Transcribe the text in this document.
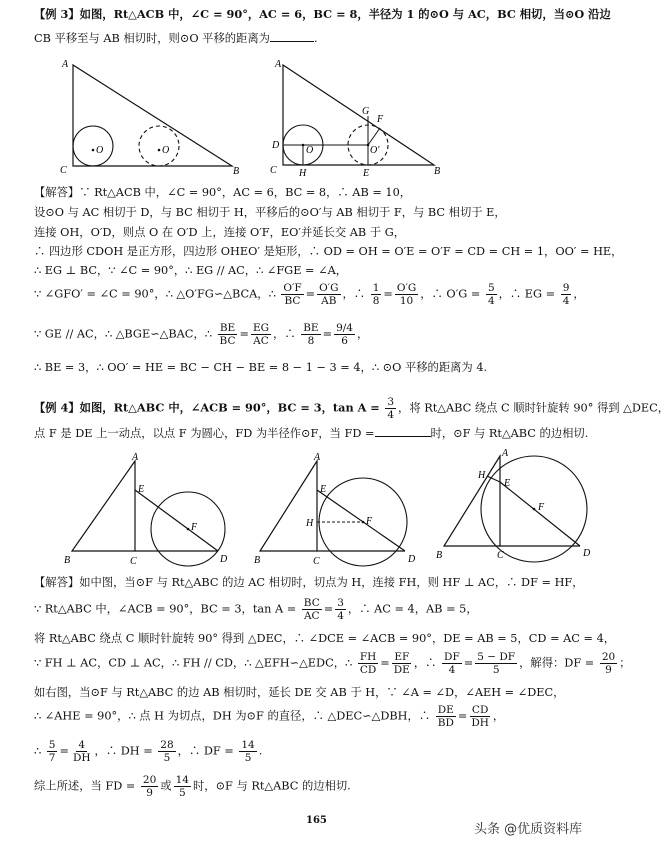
【例 3】如图，Rt△ACB 中，∠C = 90°，AC = 6，BC = 8，半径为 1 的⊙O 与 AC，BC 相切，当⊙O 沿边
CB 平移至与 AB 相切时，则⊙O 平移的距离为	.
A
C	B
O	O
A
D
C H	E	B
G
F
O	O′
【解答】∵ Rt△ACB 中，∠C = 90°，AC = 6，BC = 8，∴ AB = 10，
设⊙O 与 AC 相切于 D，与 BC 相切于 H，平移后的⊙O′与 AB 相切于 F，与 BC 相切于 E，
连接 OH，O′D，则点 O 在 O′D 上，连接 O′F，EO′并延长交 AB 于 G，
∴ 四边形 CDOH 是正方形，四边形 OHEO′ 是矩形，∴ OD = OH = O′E = O′F = CD = CH = 1，OO′ = HE，
∴ EG ⊥ BC，∵ ∠C = 90°，∴ EG // AC，∴ ∠FGE = ∠A，
∵ ∠GFO′ = ∠C = 90°，∴ △O′FG∽△BCA，∴ $\frac{O'F}{BC} = \frac{O'G}{AB}$ ，∴ $\frac{1}{8} = \frac{O'G}{10}$ ，∴ $O'G = \frac{5}{4}$ ，∴ EG = $\frac{9}{4}$ ，
∵ GE // AC，∴ △BGE∽△BAC，∴ $\frac{BE}{BC} = \frac{EG}{AC}$ ，∴ $\frac{BE}{8} = \frac{9/4}{6}$ ，
∴ BE = 3，∴ OO′ = HE = BC − CH − BE = 8 − 1 − 3 = 4，∴ ⊙O 平移的距离为 4.
【例 4】如图，Rt△ABC 中，∠ACB = 90°，BC = 3，$\tan A = \frac{3}{4}$ ，将 Rt△ABC 绕点 C 顺时针旋转 90° 得到 △DEC，
点 F 是 DE 上一动点，以点 F 为圆心，FD 为半径作⊙F，当 FD =	时，⊙F 与 Rt△ABC 的边相切.
A
E
F
B	C	D
A
E
H	F
B	C	D
A
H
E
F
B	C	D
【解答】如中图，当⊙F 与 Rt△ABC 的边 AC 相切时，切点为 H，连接 FH，则 HF ⊥ AC，∴ DF = HF，
∵ Rt△ABC 中，∠ACB = 90°，BC = 3，$\tan A = \frac{BC}{AC} = \frac{3}{4}$ ，∴ AC = 4，AB = 5，
将 Rt△ABC 绕点 C 顺时针旋转 90° 得到 △DEC，∴ ∠DCE = ∠ACB = 90°，DE = AB = 5，CD = AC = 4，
∵ FH ⊥ AC，CD ⊥ AC，∴ FH // CD，∴ △EFH∽△EDC，∴ $\frac{FH}{CD} = \frac{EF}{DE}$ ，∴ $\frac{DF}{4} = \frac{5 - DF}{5}$ ，解得：DF = $\frac{20}{9}$ ；
如右图，当⊙F 与 Rt△ABC 的边 AB 相切时，延长 DE 交 AB 于 H，∵ ∠A = ∠D，∠AEH = ∠DEC，
∴ ∠AHE = 90°，∴ 点 H 为切点，DH 为⊙F 的直径，∴ △DEC∽△DBH，∴ $\frac{DE}{BD} = \frac{CD}{DH}$ ，
∴ $\frac{5}{7} = \frac{4}{DH}$ ，∴ DH = $\frac{28}{5}$ ，∴ DF = $\frac{14}{5}$ .
综上所述，当 FD = $\frac{20}{9}$ 或 $\frac{14}{5}$ 时，⊙F 与 Rt△ABC 的边相切.
165
头条 @优质资料库
